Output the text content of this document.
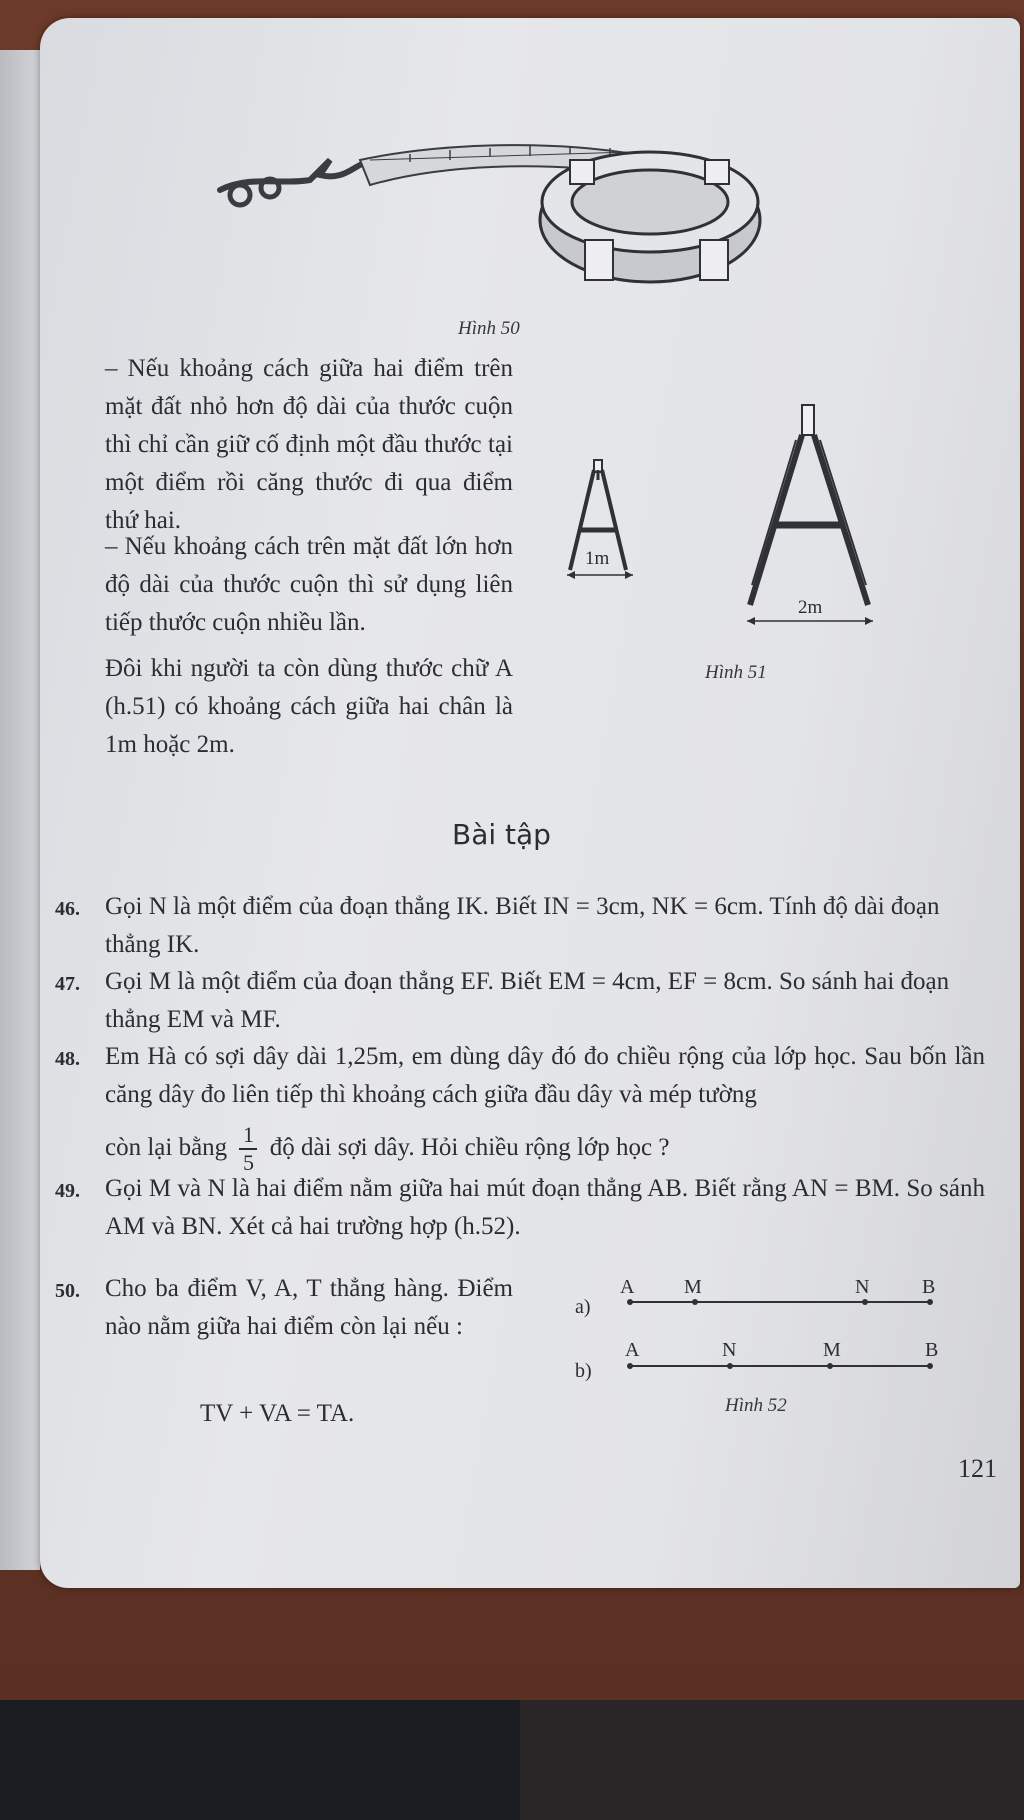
Hình 50
– Nếu khoảng cách giữa hai điểm trên mặt đất nhỏ hơn độ dài của thước cuộn thì chỉ cần giữ cố định một đầu thước tại một điểm rồi căng thước đi qua điểm thứ hai.
– Nếu khoảng cách trên mặt đất lớn hơn độ dài của thước cuộn thì sử dụng liên tiếp thước cuộn nhiều lần.
Đôi khi người ta còn dùng thước chữ A (h.51) có khoảng cách giữa hai chân là 1m hoặc 2m.
1m
2m
Hình 51
Bài tập
46. Gọi N là một điểm của đoạn thẳng IK. Biết IN = 3cm, NK = 6cm. Tính độ dài đoạn thẳng IK.
47. Gọi M là một điểm của đoạn thẳng EF. Biết EM = 4cm, EF = 8cm. So sánh hai đoạn thẳng EM và MF.
48. Em Hà có sợi dây dài 1,25m, em dùng dây đó đo chiều rộng của lớp học. Sau bốn lần căng dây đo liên tiếp thì khoảng cách giữa đầu dây và mép tường
còn lại bằng $\frac{1}{5}$ độ dài sợi dây. Hỏi chiều rộng lớp học ?
49. Gọi M và N là hai điểm nằm giữa hai mút đoạn thẳng AB. Biết rằng AN = BM. So sánh AM và BN. Xét cả hai trường hợp (h.52).
50. Cho ba điểm V, A, T thẳng hàng. Điểm nào nằm giữa hai điểm còn lại nếu :
TV + VA = TA.
a)
A M	N	B
b)
A	N	M	B
Hình 52
121
